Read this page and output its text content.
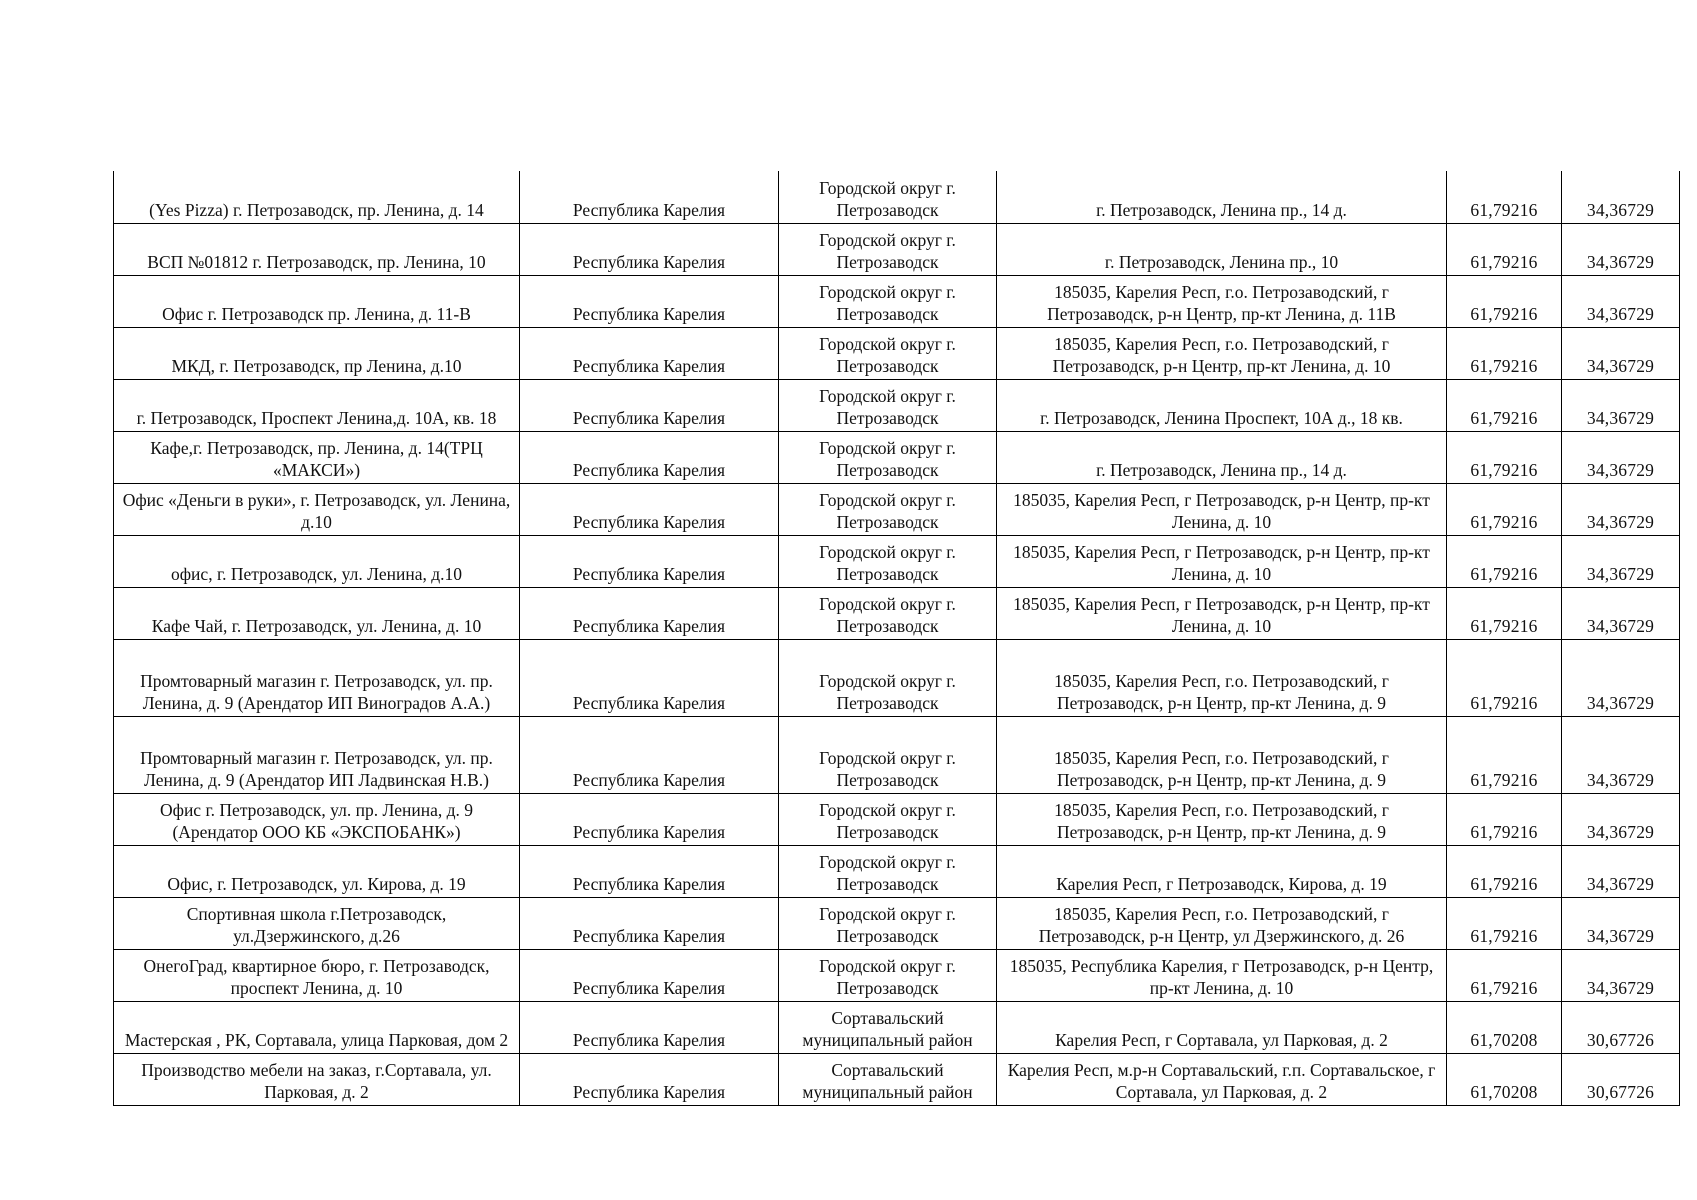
(Yes Pizza) г. Петрозаводск, пр. Ленина, д. 14	Республика Карелия	Городской округ г. Петрозаводск	г. Петрозаводск, Ленина пр., 14 д.	61,79216	34,36729
ВСП №01812 г. Петрозаводск, пр. Ленина, 10	Республика Карелия	Городской округ г. Петрозаводск	г. Петрозаводск, Ленина пр., 10	61,79216	34,36729
Офис г. Петрозаводск пр. Ленина, д. 11-В	Республика Карелия	Городской округ г. Петрозаводск	185035, Карелия Респ, г.о. Петрозаводский, г Петрозаводск, р-н Центр, пр-кт Ленина, д. 11В	61,79216	34,36729
МКД, г. Петрозаводск, пр Ленина, д.10	Республика Карелия	Городской округ г. Петрозаводск	185035, Карелия Респ, г.о. Петрозаводский, г Петрозаводск, р-н Центр, пр-кт Ленина, д. 10	61,79216	34,36729
г. Петрозаводск, Проспект Ленина,д. 10А, кв. 18	Республика Карелия	Городской округ г. Петрозаводск	г. Петрозаводск, Ленина Проспект, 10А д., 18 кв.	61,79216	34,36729
Кафе,г. Петрозаводск, пр. Ленина, д. 14(ТРЦ «МАКСИ»)	Республика Карелия	Городской округ г. Петрозаводск	г. Петрозаводск, Ленина пр., 14 д.	61,79216	34,36729
Офис «Деньги в руки», г. Петрозаводск, ул. Ленина, д.10	Республика Карелия	Городской округ г. Петрозаводск	185035, Карелия Респ, г Петрозаводск, р-н Центр, пр-кт Ленина, д. 10	61,79216	34,36729
офис, г. Петрозаводск, ул. Ленина, д.10	Республика Карелия	Городской округ г. Петрозаводск	185035, Карелия Респ, г Петрозаводск, р-н Центр, пр-кт Ленина, д. 10	61,79216	34,36729
Кафе Чай, г. Петрозаводск, ул. Ленина, д. 10	Республика Карелия	Городской округ г. Петрозаводск	185035, Карелия Респ, г Петрозаводск, р-н Центр, пр-кт Ленина, д. 10	61,79216	34,36729
Промтоварный магазин г. Петрозаводск, ул. пр. Ленина, д. 9 (Арендатор ИП Виноградов А.А.)	Республика Карелия	Городской округ г. Петрозаводск	185035, Карелия Респ, г.о. Петрозаводский, г Петрозаводск, р-н Центр, пр-кт Ленина, д. 9	61,79216	34,36729
Промтоварный магазин г. Петрозаводск, ул. пр. Ленина, д. 9 (Арендатор ИП Ладвинская Н.В.)	Республика Карелия	Городской округ г. Петрозаводск	185035, Карелия Респ, г.о. Петрозаводский, г Петрозаводск, р-н Центр, пр-кт Ленина, д. 9	61,79216	34,36729
Офис г. Петрозаводск, ул. пр. Ленина, д. 9 (Арендатор ООО КБ «ЭКСПОБАНК»)	Республика Карелия	Городской округ г. Петрозаводск	185035, Карелия Респ, г.о. Петрозаводский, г Петрозаводск, р-н Центр, пр-кт Ленина, д. 9	61,79216	34,36729
Офис, г. Петрозаводск, ул. Кирова, д. 19	Республика Карелия	Городской округ г. Петрозаводск	Карелия Респ, г Петрозаводск, Кирова, д. 19	61,79216	34,36729
Спортивная школа г.Петрозаводск, ул.Дзержинского, д.26	Республика Карелия	Городской округ г. Петрозаводск	185035, Карелия Респ, г.о. Петрозаводский, г Петрозаводск, р-н Центр, ул Дзержинского, д. 26	61,79216	34,36729
ОнегоГрад, квартирное бюро, г. Петрозаводск, проспект Ленина, д. 10	Республика Карелия	Городской округ г. Петрозаводск	185035, Республика Карелия, г Петрозаводск, р-н Центр, пр-кт Ленина, д. 10	61,79216	34,36729
Мастерская , РК, Сортавала, улица Парковая, дом 2	Республика Карелия	Сортавальский муниципальный район	Карелия Респ, г Сортавала, ул Парковая, д. 2	61,70208	30,67726
Производство мебели на заказ, г.Сортавала, ул. Парковая, д. 2	Республика Карелия	Сортавальский муниципальный район	Карелия Респ, м.р-н Сортавальский, г.п. Сортавальское, г Сортавала, ул Парковая, д. 2	61,70208	30,67726
